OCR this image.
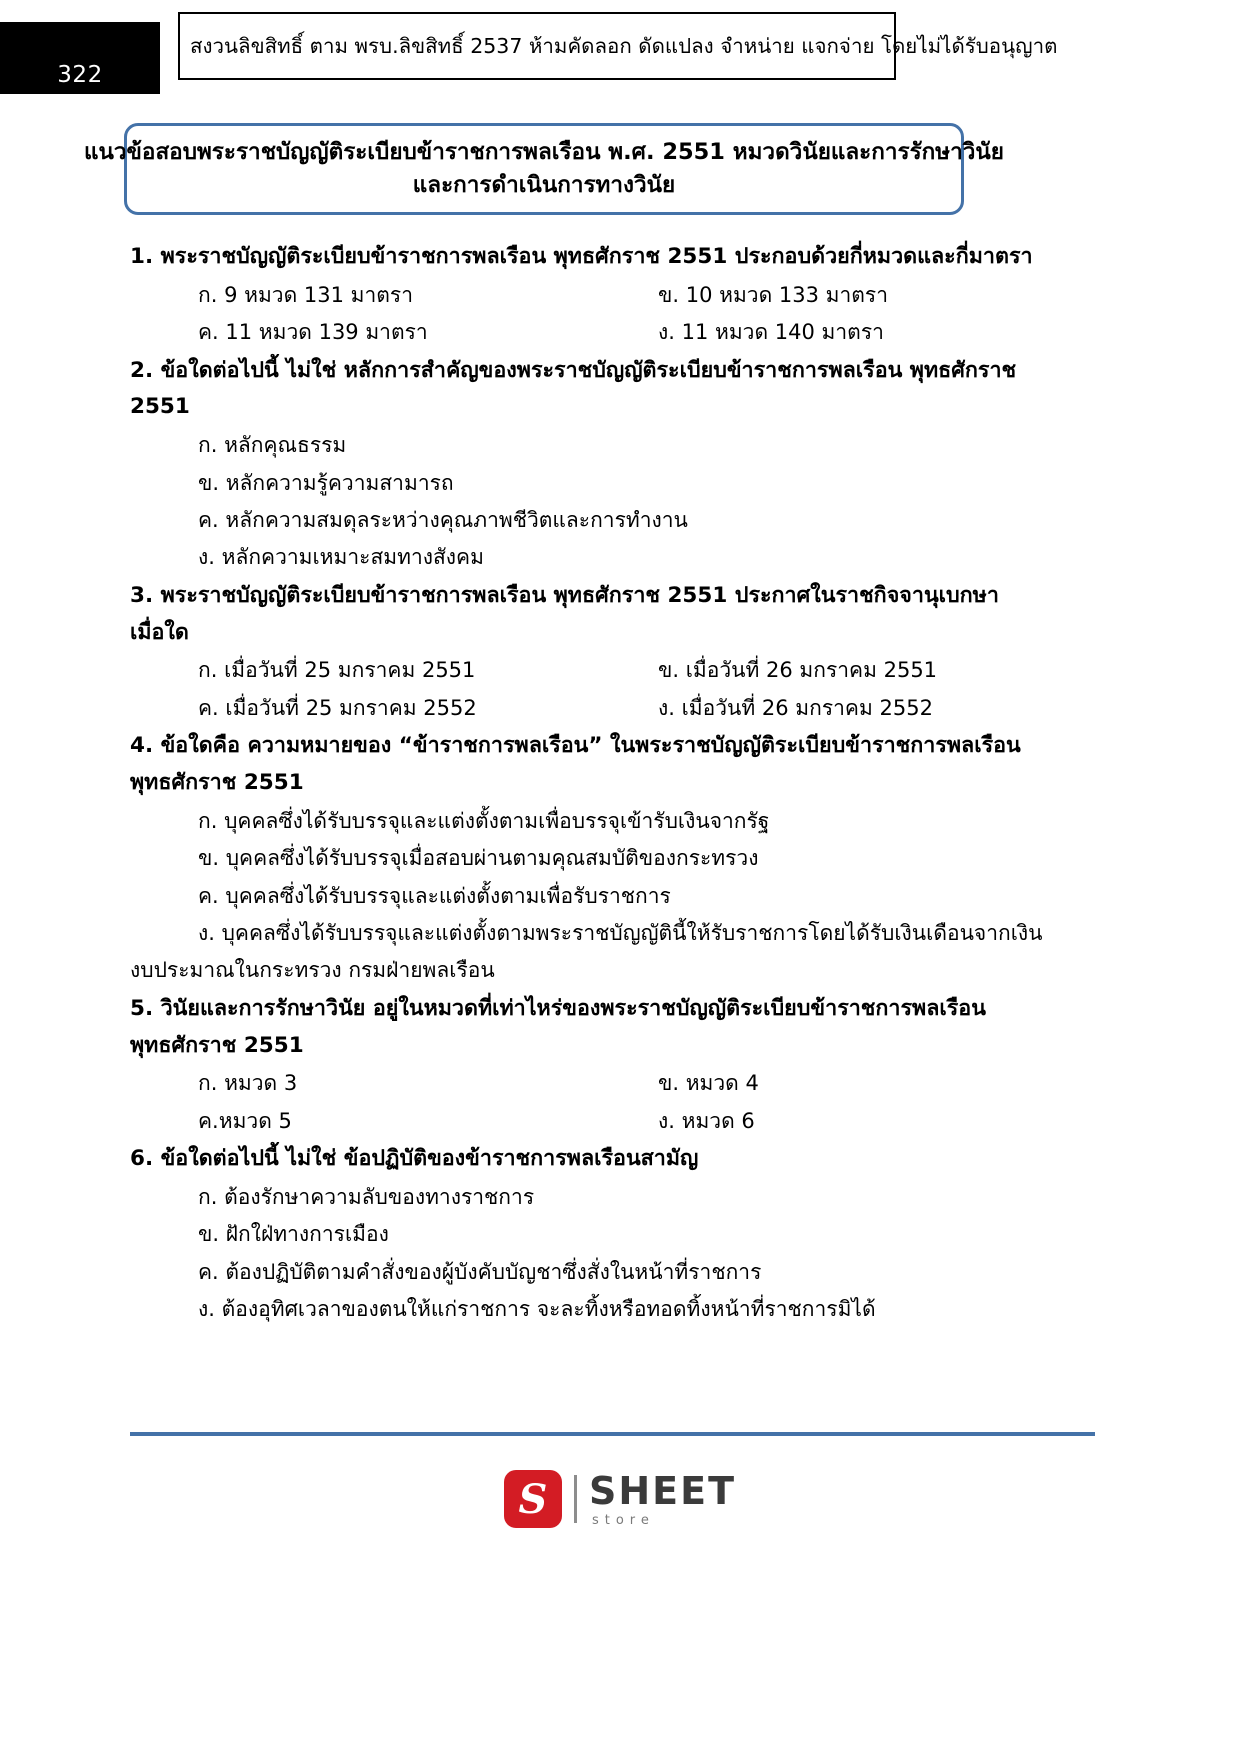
322
สงวนลิขสิทธิ์ ตาม พรบ.ลิขสิทธิ์ 2537 ห้ามคัดลอก ดัดแปลง จำหน่าย แจกจ่าย โดยไม่ได้รับอนุญาต
แนวข้อสอบพระราชบัญญัติระเบียบข้าราชการพลเรือน พ.ศ. 2551 หมวดวินัยและการรักษาวินัย
และการดำเนินการทางวินัย

1. พระราชบัญญัติระเบียบข้าราชการพลเรือน พุทธศักราช 2551 ประกอบด้วยกี่หมวดและกี่มาตรา

ก. 9 หมวด 131 มาตรา	ข. 10 หมวด 133 มาตรา
ค. 11 หมวด 139 มาตรา	ง. 11 หมวด 140 มาตรา

2. ข้อใดต่อไปนี้ ไม่ใช่ หลักการสำคัญของพระราชบัญญัติระเบียบข้าราชการพลเรือน พุทธศักราช

2551

ก. หลักคุณธรรม
ข. หลักความรู้ความสามารถ
ค. หลักความสมดุลระหว่างคุณภาพชีวิตและการทำงาน
ง. หลักความเหมาะสมทางสังคม

3. พระราชบัญญัติระเบียบข้าราชการพลเรือน พุทธศักราช 2551 ประกาศในราชกิจจานุเบกษา

เมื่อใด

ก. เมื่อวันที่ 25 มกราคม 2551	ข. เมื่อวันที่ 26 มกราคม 2551
ค. เมื่อวันที่ 25 มกราคม 2552	ง. เมื่อวันที่ 26 มกราคม 2552

4. ข้อใดคือ ความหมายของ “ข้าราชการพลเรือน” ในพระราชบัญญัติระเบียบข้าราชการพลเรือน

พุทธศักราช 2551

ก. บุคคลซึ่งได้รับบรรจุและแต่งตั้งตามเพื่อบรรจุเข้ารับเงินจากรัฐ
ข. บุคคลซึ่งได้รับบรรจุเมื่อสอบผ่านตามคุณสมบัติของกระทรวง
ค. บุคคลซึ่งได้รับบรรจุและแต่งตั้งตามเพื่อรับราชการ
ง. บุคคลซึ่งได้รับบรรจุและแต่งตั้งตามพระราชบัญญัตินี้ให้รับราชการโดยได้รับเงินเดือนจากเงิน
งบประมาณในกระทรวง กรมฝ่ายพลเรือน

5. วินัยและการรักษาวินัย อยู่ในหมวดที่เท่าไหร่ของพระราชบัญญัติระเบียบข้าราชการพลเรือน

พุทธศักราช 2551

ก. หมวด 3	ข. หมวด 4
ค.หมวด 5	ง. หมวด 6

6. ข้อใดต่อไปนี้ ไม่ใช่ ข้อปฏิบัติของข้าราชการพลเรือนสามัญ

ก. ต้องรักษาความลับของทางราชการ
ข. ฝักใฝ่ทางการเมือง
ค. ต้องปฏิบัติตามคำสั่งของผู้บังคับบัญชาซึ่งสั่งในหน้าที่ราชการ
ง. ต้องอุทิศเวลาของตนให้แก่ราชการ จะละทิ้งหรือทอดทิ้งหน้าที่ราชการมิได้
S SHEET
store
